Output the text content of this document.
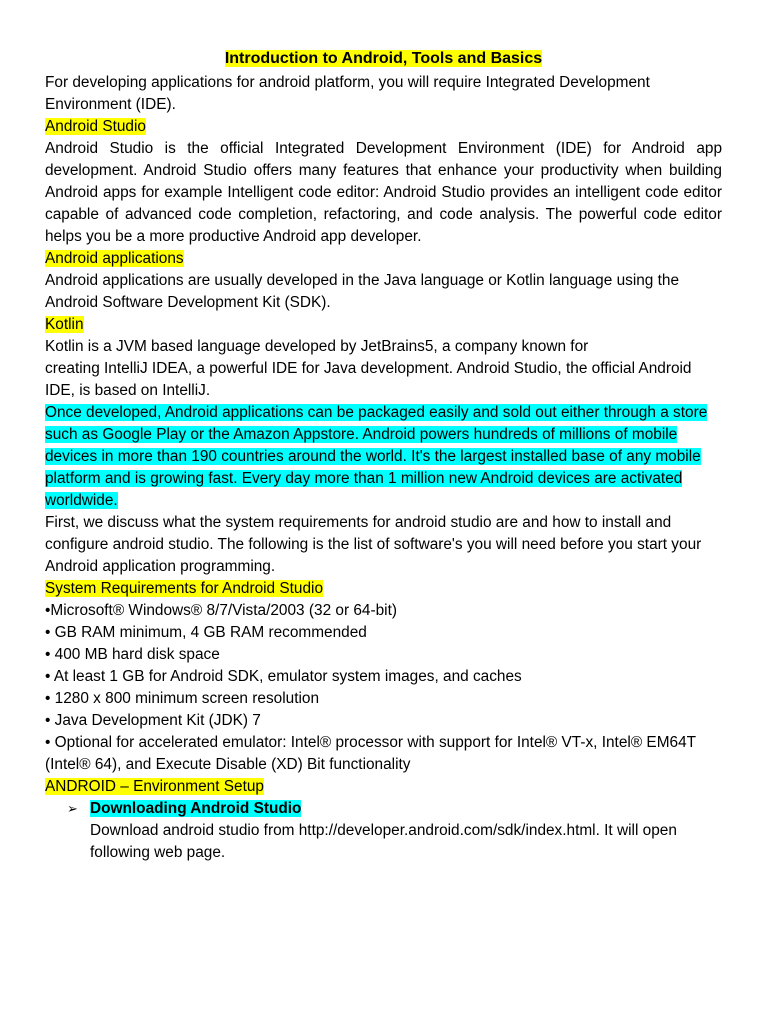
Introduction to Android, Tools and Basics

For developing applications for android platform, you will require Integrated Development Environment (IDE).

Android Studio

Android Studio is the official Integrated Development Environment (IDE) for Android app development. Android Studio offers many features that enhance your productivity when building Android apps for example Intelligent code editor: Android Studio provides an intelligent code editor capable of advanced code completion, refactoring, and code analysis. The powerful code editor helps you be a more productive Android app developer.

Android applications

Android applications are usually developed in the Java language or Kotlin language using the Android Software Development Kit (SDK).

Kotlin

Kotlin is a JVM based language developed by JetBrains5, a company known for

creating IntelliJ IDEA, a powerful IDE for Java development. Android Studio, the official Android IDE, is based on IntelliJ.

Once developed, Android applications can be packaged easily and sold out either through a store such as Google Play or the Amazon Appstore. Android powers hundreds of millions of mobile devices in more than 190 countries around the world. It's the largest installed base of any mobile platform and is growing fast. Every day more than 1 million new Android devices are activated worldwide.

First, we discuss what the system requirements for android studio are and how to install and configure android studio. The following is the list of software's you will need before you start your Android application programming.

System Requirements for Android Studio

•Microsoft® Windows® 8/7/Vista/2003 (32 or 64-bit)

• GB RAM minimum, 4 GB RAM recommended

• 400 MB hard disk space

• At least 1 GB for Android SDK, emulator system images, and caches

• 1280 x 800 minimum screen resolution

• Java Development Kit (JDK) 7

• Optional for accelerated emulator: Intel® processor with support for Intel® VT-x, Intel® EM64T (Intel® 64), and Execute Disable (XD) Bit functionality

ANDROID – Environment Setup

➢ Downloading Android Studio

Download android studio from http://developer.android.com/sdk/index.html. It will open following web page.
